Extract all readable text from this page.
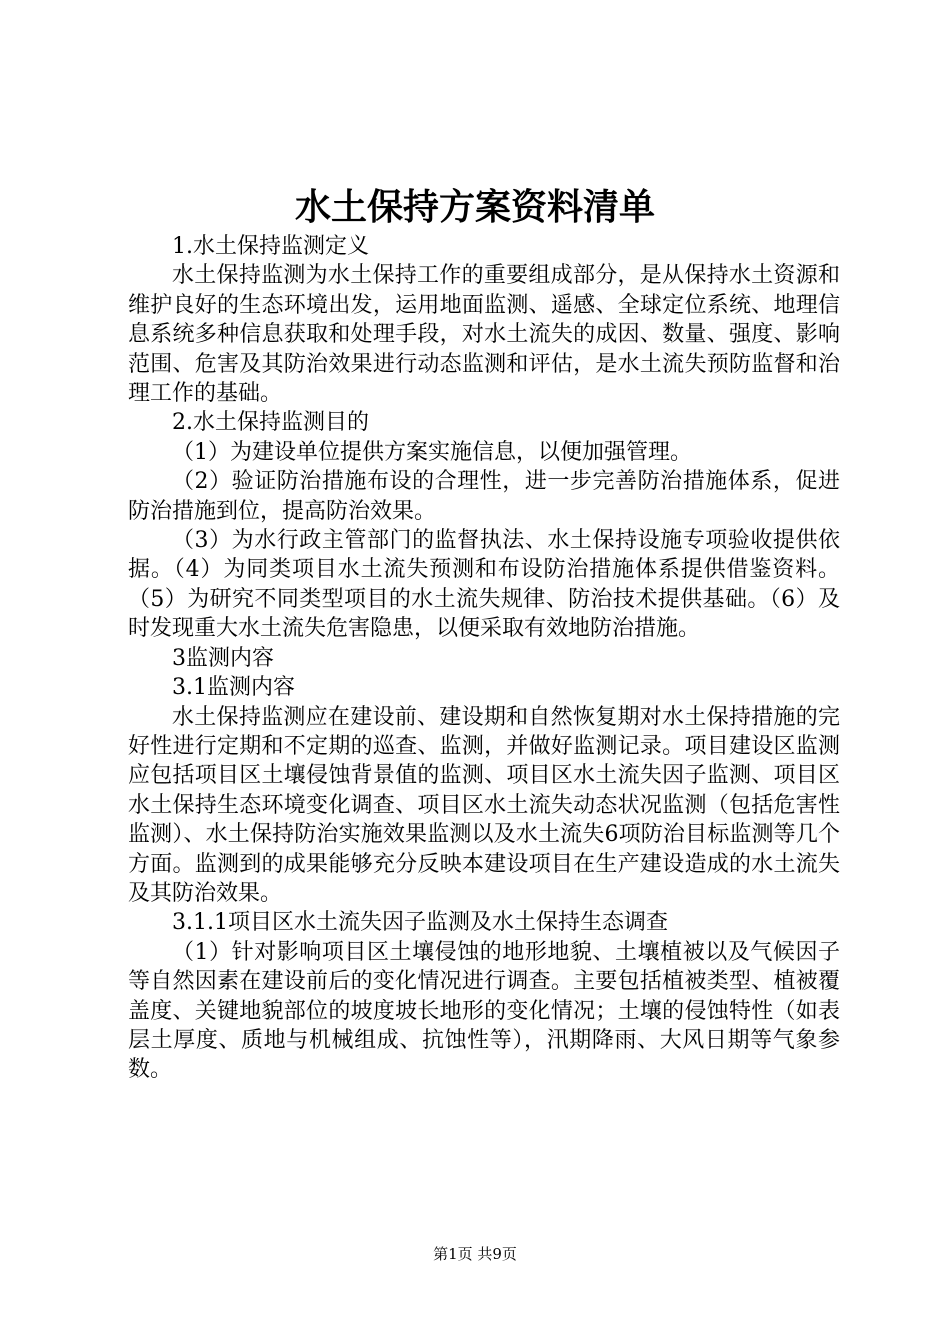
水土保持方案资料清单

1.水土保持监测定义

水土保持监测为水土保持工作的重要组成部分，是从保持水土资源和维护良好的生态环境出发，运用地面监测、遥感、全球定位系统、地理信息系统多种信息获取和处理手段，对水土流失的成因、数量、强度、影响范围、危害及其防治效果进行动态监测和评估，是水土流失预防监督和治理工作的基础。

2.水土保持监测目的

（1）为建设单位提供方案实施信息，以便加强管理。

（2）验证防治措施布设的合理性，进一步完善防治措施体系，促进防治措施到位，提高防治效果。

（3）为水行政主管部门的监督执法、水土保持设施专项验收提供依据。（4）为同类项目水土流失预测和布设防治措施体系提供借鉴资料。（5）为研究不同类型项目的水土流失规律、防治技术提供基础。（6）及时发现重大水土流失危害隐患，以便采取有效地防治措施。

3监测内容

3.1监测内容

水土保持监测应在建设前、建设期和自然恢复期对水土保持措施的完好性进行定期和不定期的巡查、监测，并做好监测记录。项目建设区监测应包括项目区土壤侵蚀背景值的监测、项目区水土流失因子监测、项目区水土保持生态环境变化调查、项目区水土流失动态状况监测（包括危害性监测）、水土保持防治实施效果监测以及水土流失6项防治目标监测等几个方面。监测到的成果能够充分反映本建设项目在生产建设造成的水土流失及其防治效果。

3.1.1项目区水土流失因子监测及水土保持生态调查

（1）针对影响项目区土壤侵蚀的地形地貌、土壤植被以及气候因子等自然因素在建设前后的变化情况进行调查。主要包括植被类型、植被覆盖度、关键地貌部位的坡度坡长地形的变化情况；土壤的侵蚀特性（如表层土厚度、质地与机械组成、抗蚀性等），汛期降雨、大风日期等气象参数。

第1页 共9页
